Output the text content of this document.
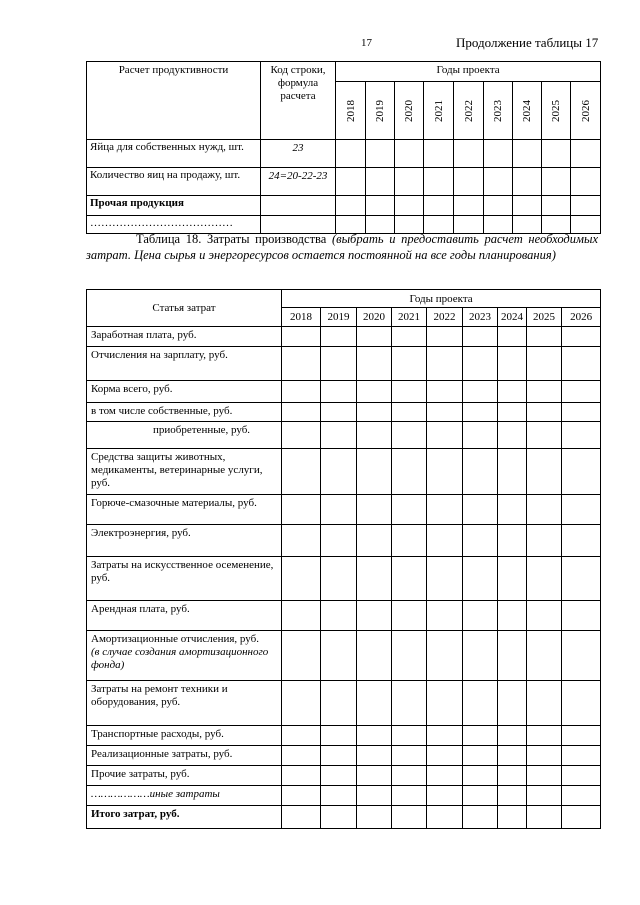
17	Продолжение таблицы 17
Расчет продуктивности	Код строки, формула расчета	Годы проекта								
		2018	2019	2020	2021	2022	2023	2024	2025	2026
Яйца для собственных нужд, шт.	23									
Количество яиц на продажу, шт.	24=20-22-23									
Прочая продукция										
…………………………………										
Таблица 18. Затраты производства (выбрать и предоставить расчет необходимых затрат. Цена сырья и энергоресурсов остается постоянной на все годы планирования)
Статья затрат	Годы проекта								
	2018	2019	2020	2021	2022	2023	2024	2025	2026
Заработная плата, руб.									
Отчисления на зарплату, руб.									
Корма всего, руб.									
в том числе собственные, руб.									
приобретенные, руб.									
Средства защиты животных, медикаменты, ветеринарные услуги, руб.									
Горюче-смазочные материалы, руб.									
Электроэнергия, руб.									
Затраты на искусственное осеменение, руб.									
Арендная плата, руб.									
Амортизационные отчисления, руб.
(в случае создания амортизационного фонда)									
Затраты на ремонт техники и оборудования, руб.									
Транспортные расходы, руб.									
Реализационные затраты, руб.									
Прочие затраты, руб.									
………………иные затраты									
Итого затрат, руб.									
